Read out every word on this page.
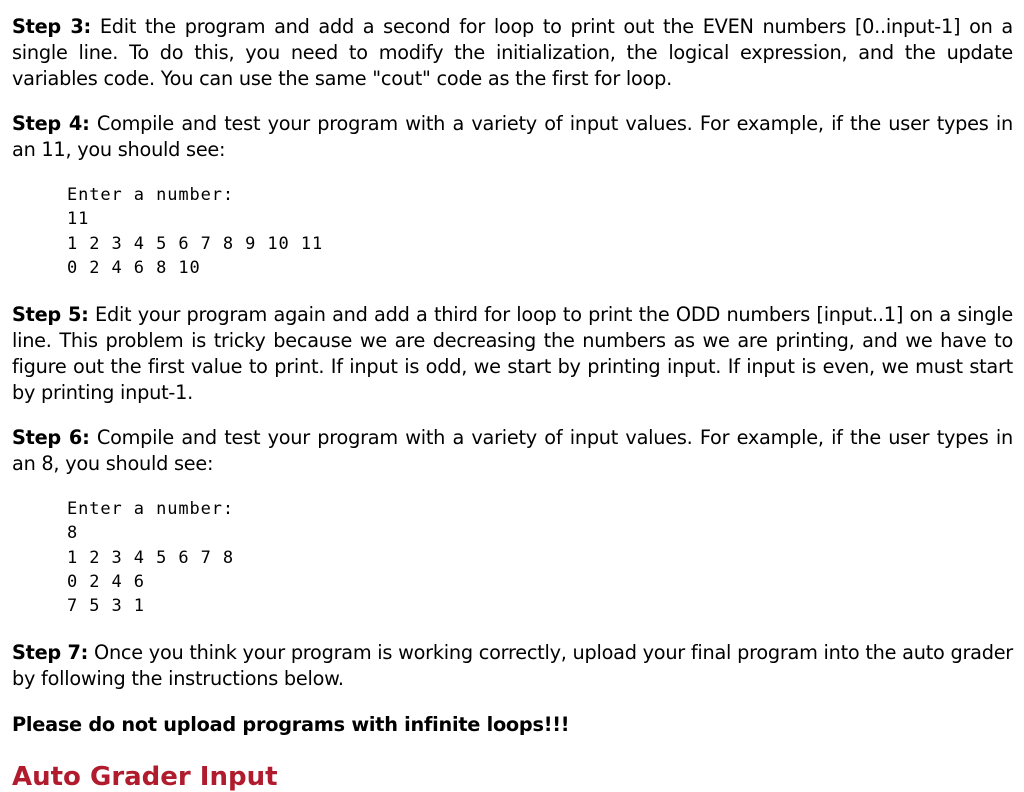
Step 3: Edit the program and add a second for loop to print out the EVEN numbers [0..input-1] on a single line. To do this, you need to modify the initialization, the logical expression, and the update variables code. You can use the same "cout" code as the first for loop.

Step 4: Compile and test your program with a variety of input values. For example, if the user types in an 11, you should see:

Enter a number:
11
1 2 3 4 5 6 7 8 9 10 11
0 2 4 6 8 10

Step 5: Edit your program again and add a third for loop to print the ODD numbers [input..1] on a single line. This problem is tricky because we are decreasing the numbers as we are printing, and we have to figure out the first value to print. If input is odd, we start by printing input. If input is even, we must start by printing input-1.

Step 6: Compile and test your program with a variety of input values. For example, if the user types in an 8, you should see:

Enter a number:
8
1 2 3 4 5 6 7 8
0 2 4 6
7 5 3 1

Step 7: Once you think your program is working correctly, upload your final program into the auto grader by following the instructions below.

Please do not upload programs with infinite loops!!!

Auto Grader Input
